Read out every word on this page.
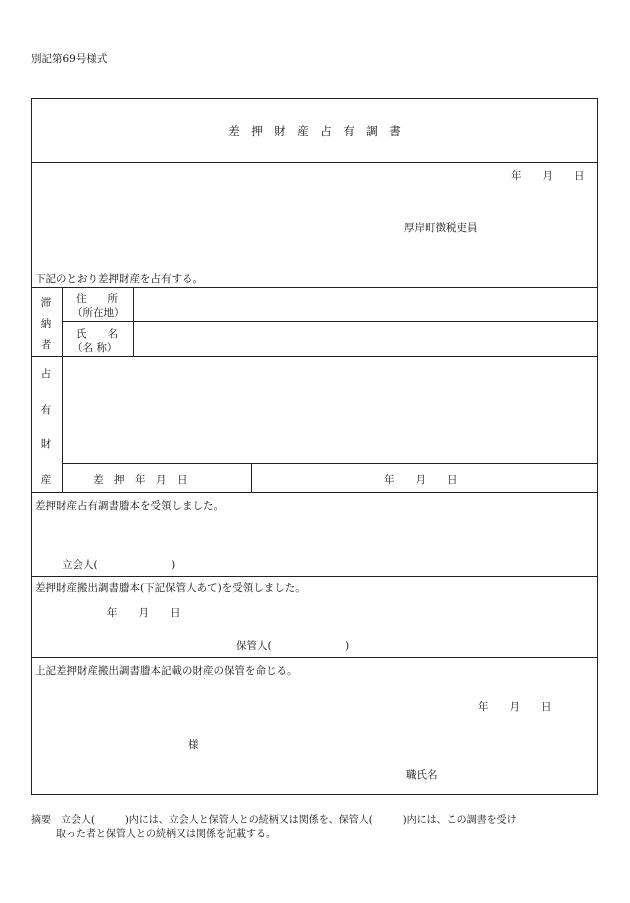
別記第69号様式
差　押　財　産　占　有　調　書
年　　月　　日
厚岸町徴税吏員
下記のとおり差押財産を占有する。
滞
納
者
住　　所
（所在地）
氏　　名
（名 称）
占
有
財
産	差　押　年　月　日	年　　月　　日
差押財産占有調書謄本を受領しました。
立会人(　　　　　　　)
差押財産搬出調書謄本(下記保管人あて)を受領しました。
年　　月　　日
保管人(　　　　　　　)
上記差押財産搬出調書謄本記載の財産の保管を命じる。
年　　月　　日
様
職氏名
摘要　立会人(　　　)内には、立会人と保管人との続柄又は関係を、保管人(　　　)内には、この調書を受け
取った者と保管人との続柄又は関係を記載する。
